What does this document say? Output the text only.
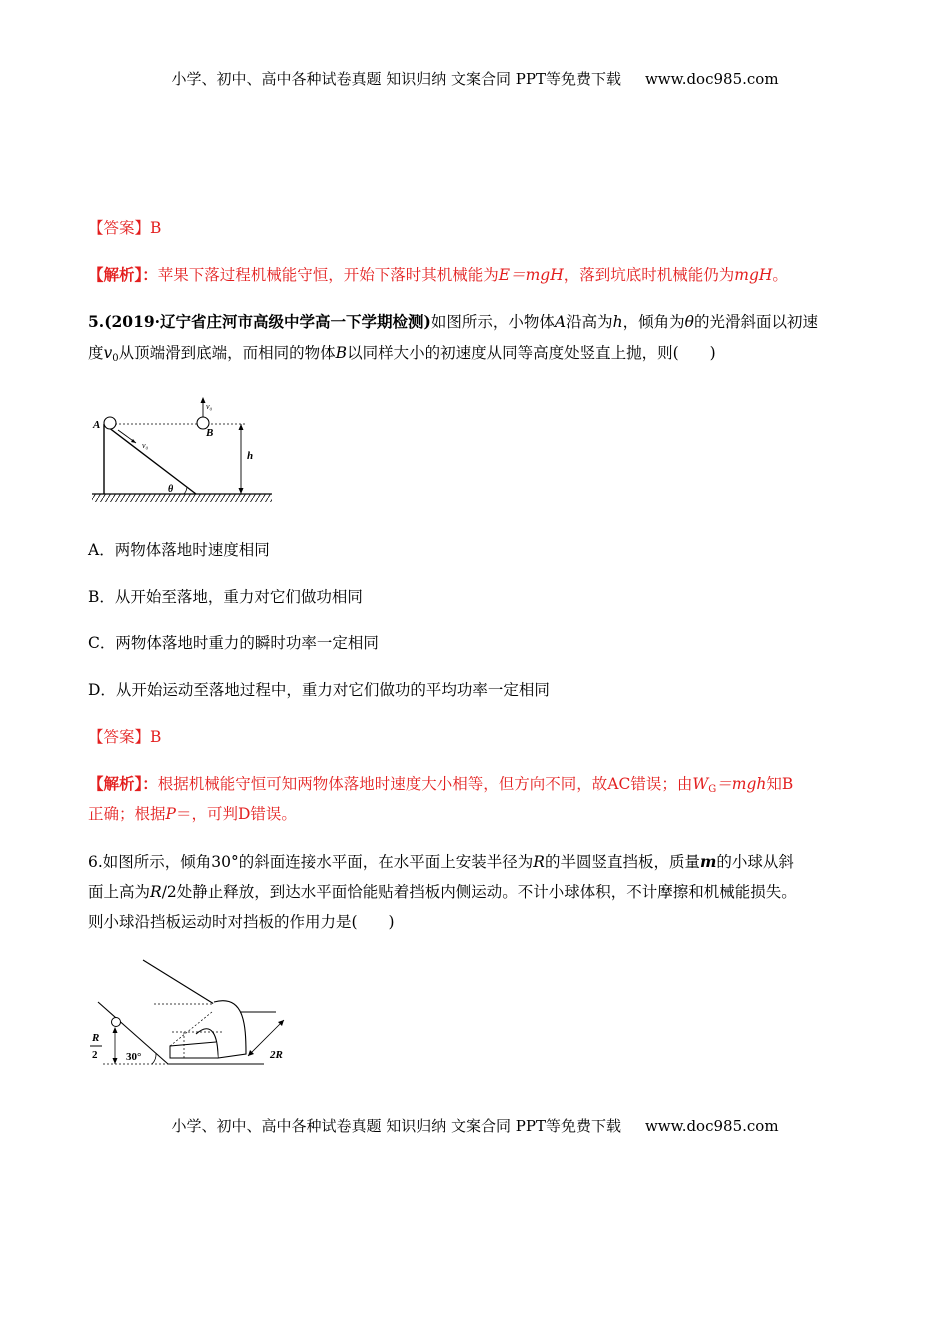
小学、初中、高中各种试卷真题 知识归纳 文案合同 PPT等免费下载 www.doc985.com
【答案】B
【解析】：苹果下落过程机械能守恒，开始下落时其机械能为E＝mgH，落到坑底时机械能仍为mgH。
5.(2019·辽宁省庄河市高级中学高一下学期检测)如图所示，小物体A沿高为h，倾角为θ的光滑斜面以初速
度$v_0$从顶端滑到底端，而相同的物体B以同样大小的初速度从同等高度处竖直上抛，则(　　)
A
B
v₀
v₀
h
θ
A．两物体落地时速度相同
B．从开始至落地，重力对它们做功相同
C．两物体落地时重力的瞬时功率一定相同
D．从开始运动至落地过程中，重力对它们做功的平均功率一定相同
【答案】B
【解析】：根据机械能守恒可知两物体落地时速度大小相等，但方向不同，故AC错误；由$W_G=mgh$知B
正确；根据P＝，可判D错误。
6.如图所示，倾角30°的斜面连接水平面，在水平面上安装半径为R的半圆竖直挡板，质量m的小球从斜
面上高为R/2处静止释放，到达水平面恰能贴着挡板内侧运动。不计小球体积，不计摩擦和机械能损失。
则小球沿挡板运动时对挡板的作用力是(　　)
R
2	30°	2R
小学、初中、高中各种试卷真题 知识归纳 文案合同 PPT等免费下载 www.doc985.com
